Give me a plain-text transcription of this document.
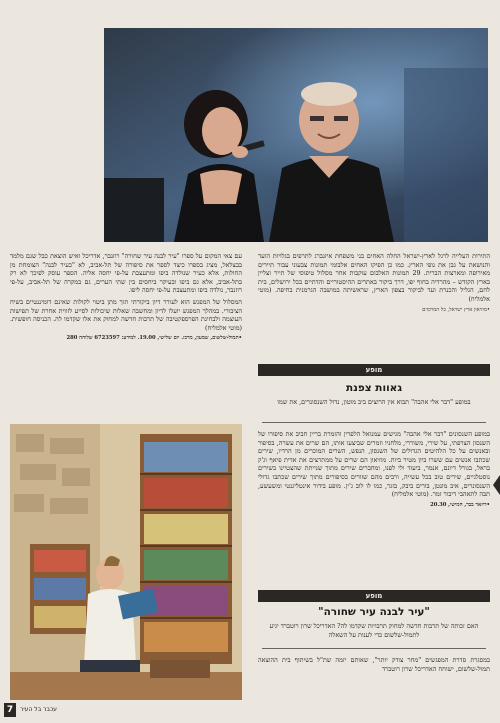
עם צאי המקום על ספרו "עיר לבנה עיר שחורה" רוזנבר, אדריכל ואיש הוצאת כבל שגם מלמד בבצלאל, מציג בספרו כיצד לספר את סיפורה של תל-אביב, לא "כעיר לבנה" הצומחת מן החולות, אלא כעיר שנולדה ביפו ומתעצבת על-פי יחסה אליה. הספר עוסק לפיכך לא רק בתל-אביב, אלא גם ביפו ובעיקר ביחסים בין שתי הערים, גם במקרה של תל-אביב, על-פי רוזנבר, נולדה ביפו ומתעצבת על-פי יחסה ליפו.

המסלול של המפגש הוא לעורר דיון ביקורתי תוך מתן ביטוי לקולות שאינם דומיננטיים בשיח הציבורי. במהלך המפגש יועלו לדיון ומחשבה שאלות שיכולות לסייע לזווית אחרת של תפישות העוצמה ולבחינת הפרספקטיבה של תרבות חדשה למחוק את אלו שקדמו לה. הכניסה חופשית. (מוטי אלמליח)

•תמול-שלשום, שמעון, מרכז. יום שלישי, 19.00. למידע: 6723597 שלוחה 280

התירות העלייה לרגל לארץ-ישראל החלה האחים בני משפחת איזנברג לתרפים בגלויות הועד והנושאת על גבן את נופי הארץ. כמו כן הפיקו האחים אלבומי תמונות צבעוני עבור תיירים מאירופה ומארצות הברית. 29 תמונות האלבום עוקבות אחר מסלול טיפוסי של תייר וצליין בארץ הקודש – מהרדיה בחוף יפו, דרך ביקור באתרים ההיסטוריים והדתיים בכל ירושלים, בית לחם, הגליל והכנרת ועד לביקור בצפון הארץ, שראשיתה במושבה הגרמנית בחיפה. (מוטי אלמליח)

•מוזיאון ארץ ישראל, כל המרכזים
מופע
גאוות צפנת
במופע "דבר אלי אהבה" תבוא אין הרוצים ביב מוטון, נדול השנסונרים, את שמו

במופע השנסונים "דבר אלי אהבה" מגישים עמנואל הלפרין והזמרת בריין חביב את סיפורו של השנסון הצרפתי, על שירי, משוררי, מלחניו וזמרים שביצעו אותו, הם שרים את עשרה, בסיפור ובאנשים על כל הלהיטים הגדולים של השנסון, הנפש, השרים המוכרים מן הרדיו, שירים שכתבו אנשים עם ששרו ביון מטיר ביות. מוזיאון הם שרים על ממתרצים את אדית פיאף וג'ק בראל, בגורל דיונם, אנמר, ביעוד ולי לפנו, ומחברים שירים מתוך שנייתת שהצטיינו בשירים נוסטלגיים, שירים טוב בכל עשייה, ורבים מהם שזורים בסיפורים מתוך שירים שכתבו גדולי השנסונרים, איב מונטן, בורים ביבק, בזגר, כמו לו לוב ג'ין. מופע בידור אינטליגנטי ומשעשע, תבה לתאהבי דיבור זמר. (מוטי אלמליח)

•דיזאר בבר, חמישי, 20.30
מופע
"עיר לבנה עיר שחורה"
האם זכותה של תרבות חדשה למחוק תרבויות שקדמו לה? האדריכל שרון רוטברד יגיע לתמול-שלשום כדי לענות על השאלה

במסגרת סדרת המפגשים "מחר צודק יותר", שאותם יזמה שת"ל בשיתוף בית ההוצאה תמול-שלשום, ישוחח האדריכל שרון רוטברד

7	עכבר בל העיר
